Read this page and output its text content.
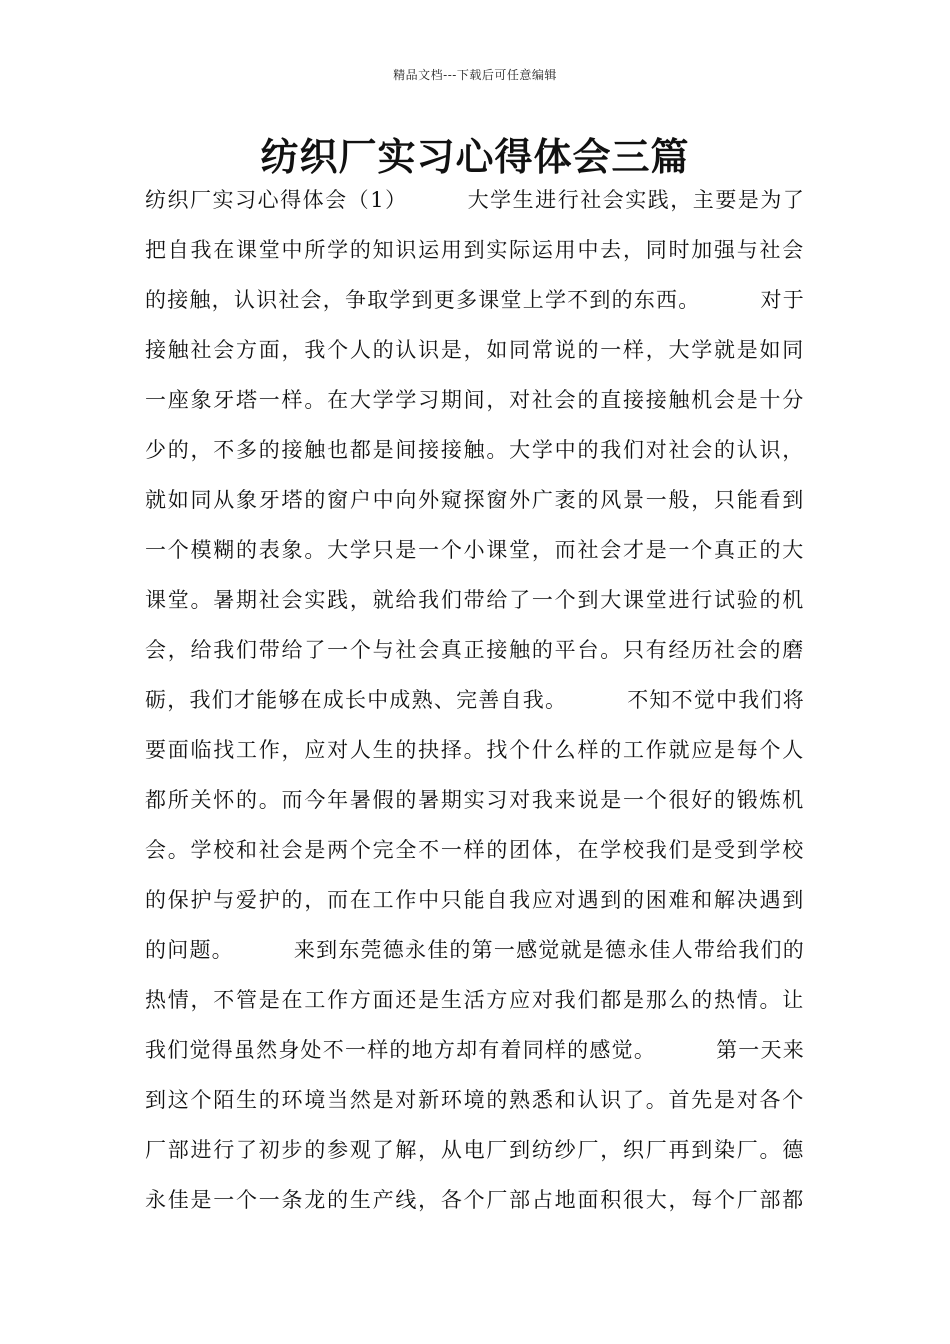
精品文档---下载后可任意编辑
纺织厂实习心得体会三篇
纺织厂实习心得体会（1）	大学生进行社会实践，主要是为了
把自我在课堂中所学的知识运用到实际运用中去，同时加强与社会
的接触，认识社会，争取学到更多课堂上学不到的东西。	对于
接触社会方面，我个人的认识是，如同常说的一样，大学就是如同
一座象牙塔一样。在大学学习期间，对社会的直接接触机会是十分
少的，不多的接触也都是间接接触。大学中的我们对社会的认识，
就如同从象牙塔的窗户中向外窥探窗外广袤的风景一般，只能看到
一个模糊的表象。大学只是一个小课堂，而社会才是一个真正的大
课堂。暑期社会实践，就给我们带给了一个到大课堂进行试验的机
会，给我们带给了一个与社会真正接触的平台。只有经历社会的磨
砺，我们才能够在成长中成熟、完善自我。	不知不觉中我们将
要面临找工作，应对人生的抉择。找个什么样的工作就应是每个人
都所关怀的。而今年暑假的暑期实习对我来说是一个很好的锻炼机
会。学校和社会是两个完全不一样的团体，在学校我们是受到学校
的保护与爱护的，而在工作中只能自我应对遇到的困难和解决遇到
的问题。	来到东莞德永佳的第一感觉就是德永佳人带给我们的
热情，不管是在工作方面还是生活方应对我们都是那么的热情。让
我们觉得虽然身处不一样的地方却有着同样的感觉。	第一天来
到这个陌生的环境当然是对新环境的熟悉和认识了。首先是对各个
厂部进行了初步的参观了解，从电厂到纺纱厂，织厂再到染厂。德
永佳是一个一条龙的生产线，各个厂部占地面积很大，每个厂部都
